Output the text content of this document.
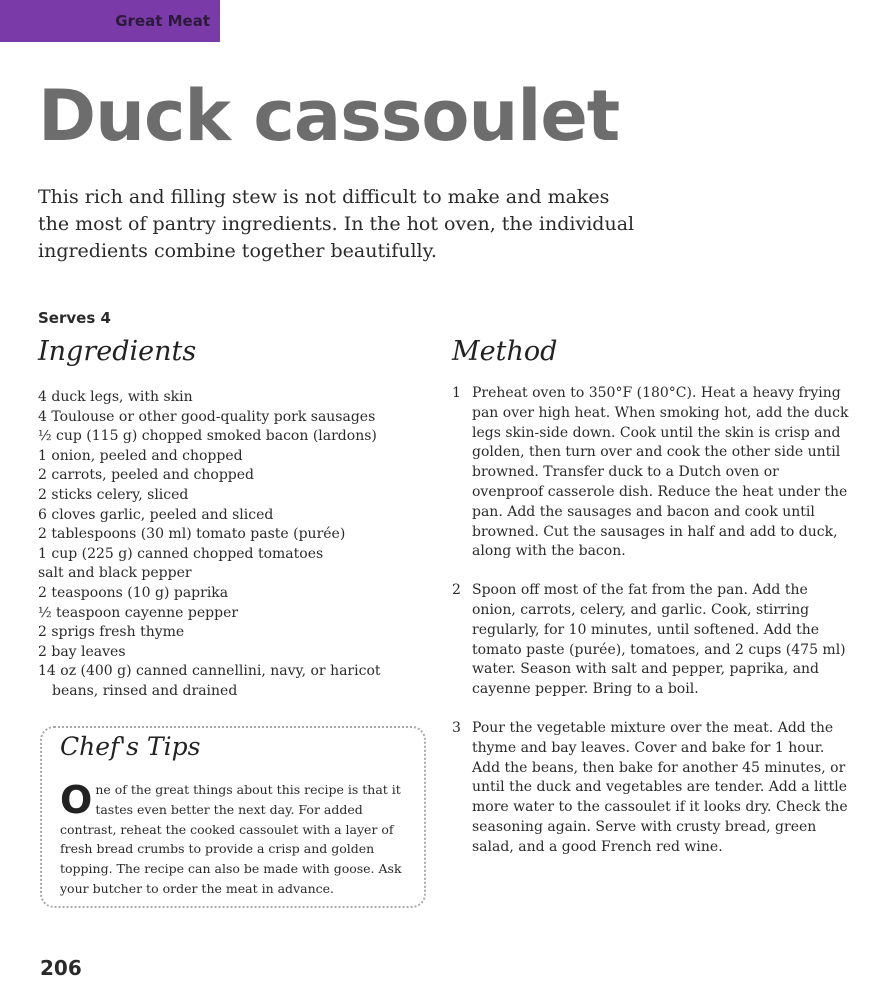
Great Meat
Duck cassoulet

This rich and filling stew is not difficult to make and makes the most of pantry ingredients. In the hot oven, the individual ingredients combine together beautifully.

Serves 4
Ingredients	Method
4 duck legs, with skin
4 Toulouse or other good-quality pork sausages
½ cup (115 g) chopped smoked bacon (lardons)
1 onion, peeled and chopped
2 carrots, peeled and chopped
2 sticks celery, sliced
6 cloves garlic, peeled and sliced
2 tablespoons (30 ml) tomato paste (purée)
1 cup (225 g) canned chopped tomatoes
salt and black pepper
2 teaspoons (10 g) paprika
½ teaspoon cayenne pepper
2 sprigs fresh thyme
2 bay leaves
14 oz (400 g) canned cannellini, navy, or haricot beans, rinsed and drained
Chef's Tips

One of the great things about this recipe is that it tastes even better the next day. For added contrast, reheat the cooked cassoulet with a layer of fresh bread crumbs to provide a crisp and golden topping. The recipe can also be made with goose. Ask your butcher to order the meat in advance.

1 Preheat oven to 350°F (180°C). Heat a heavy frying pan over high heat. When smoking hot, add the duck legs skin-side down. Cook until the skin is crisp and golden, then turn over and cook the other side until browned. Transfer duck to a Dutch oven or ovenproof casserole dish. Reduce the heat under the pan. Add the sausages and bacon and cook until browned. Cut the sausages in half and add to duck, along with the bacon.
2 Spoon off most of the fat from the pan. Add the onion, carrots, celery, and garlic. Cook, stirring regularly, for 10 minutes, until softened. Add the tomato paste (purée), tomatoes, and 2 cups (475 ml) water. Season with salt and pepper, paprika, and cayenne pepper. Bring to a boil.
3 Pour the vegetable mixture over the meat. Add the thyme and bay leaves. Cover and bake for 1 hour. Add the beans, then bake for another 45 minutes, or until the duck and vegetables are tender. Add a little more water to the cassoulet if it looks dry. Check the seasoning again. Serve with crusty bread, green salad, and a good French red wine.
206
